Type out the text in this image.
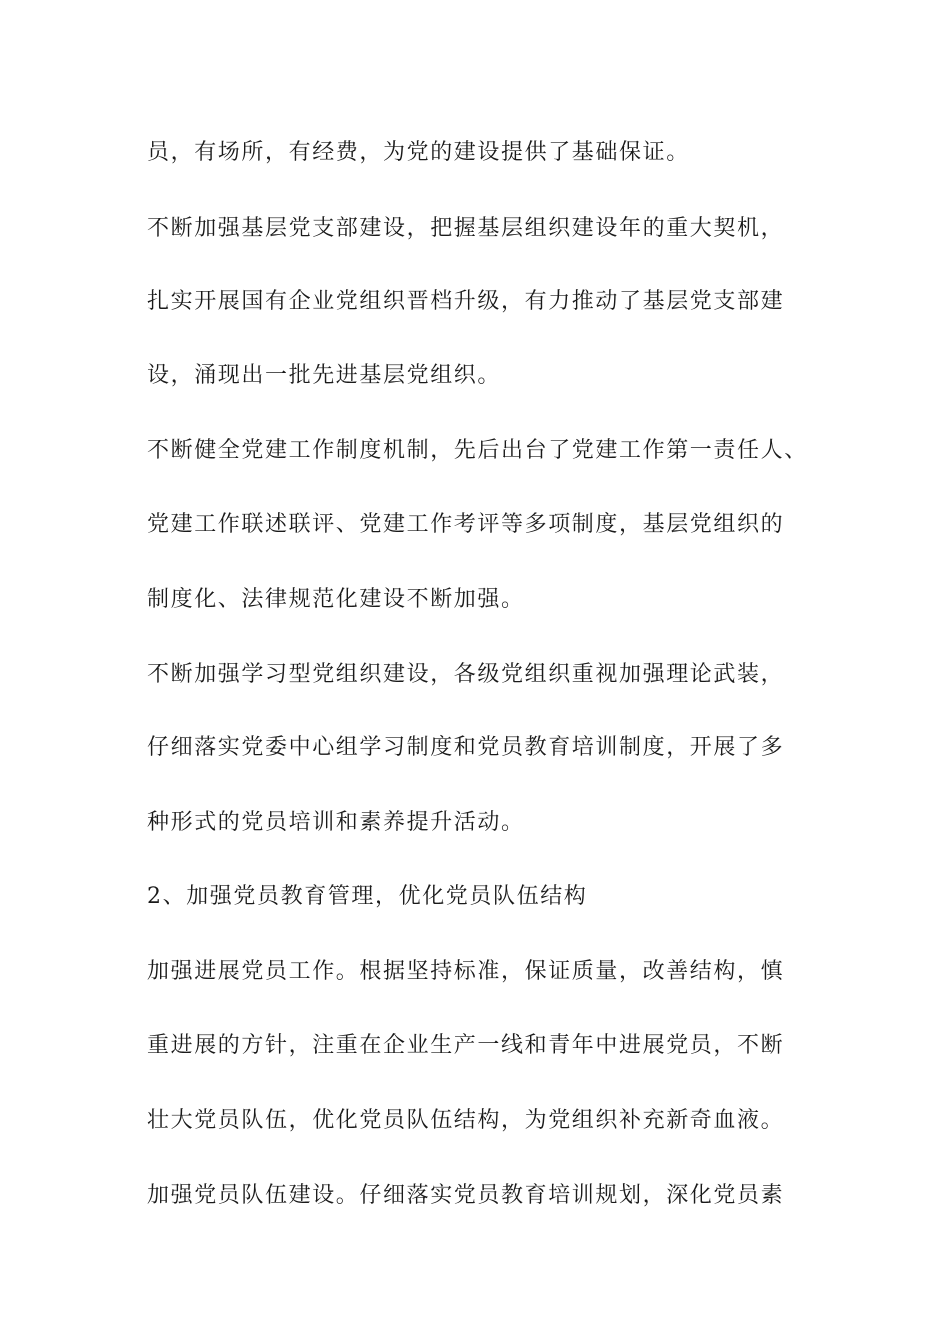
员，有场所，有经费，为党的建设提供了基础保证。
不断加强基层党支部建设，把握基层组织建设年的重大契机，
扎实开展国有企业党组织晋档升级，有力推动了基层党支部建
设，涌现出一批先进基层党组织。
不断健全党建工作制度机制，先后出台了党建工作第一责任人、
党建工作联述联评、党建工作考评等多项制度，基层党组织的
制度化、法律规范化建设不断加强。
不断加强学习型党组织建设，各级党组织重视加强理论武装，
仔细落实党委中心组学习制度和党员教育培训制度，开展了多
种形式的党员培训和素养提升活动。
2、加强党员教育管理，优化党员队伍结构
加强进展党员工作。根据坚持标准，保证质量，改善结构，慎
重进展的方针，注重在企业生产一线和青年中进展党员，不断
壮大党员队伍，优化党员队伍结构，为党组织补充新奇血液。
加强党员队伍建设。仔细落实党员教育培训规划，深化党员素
